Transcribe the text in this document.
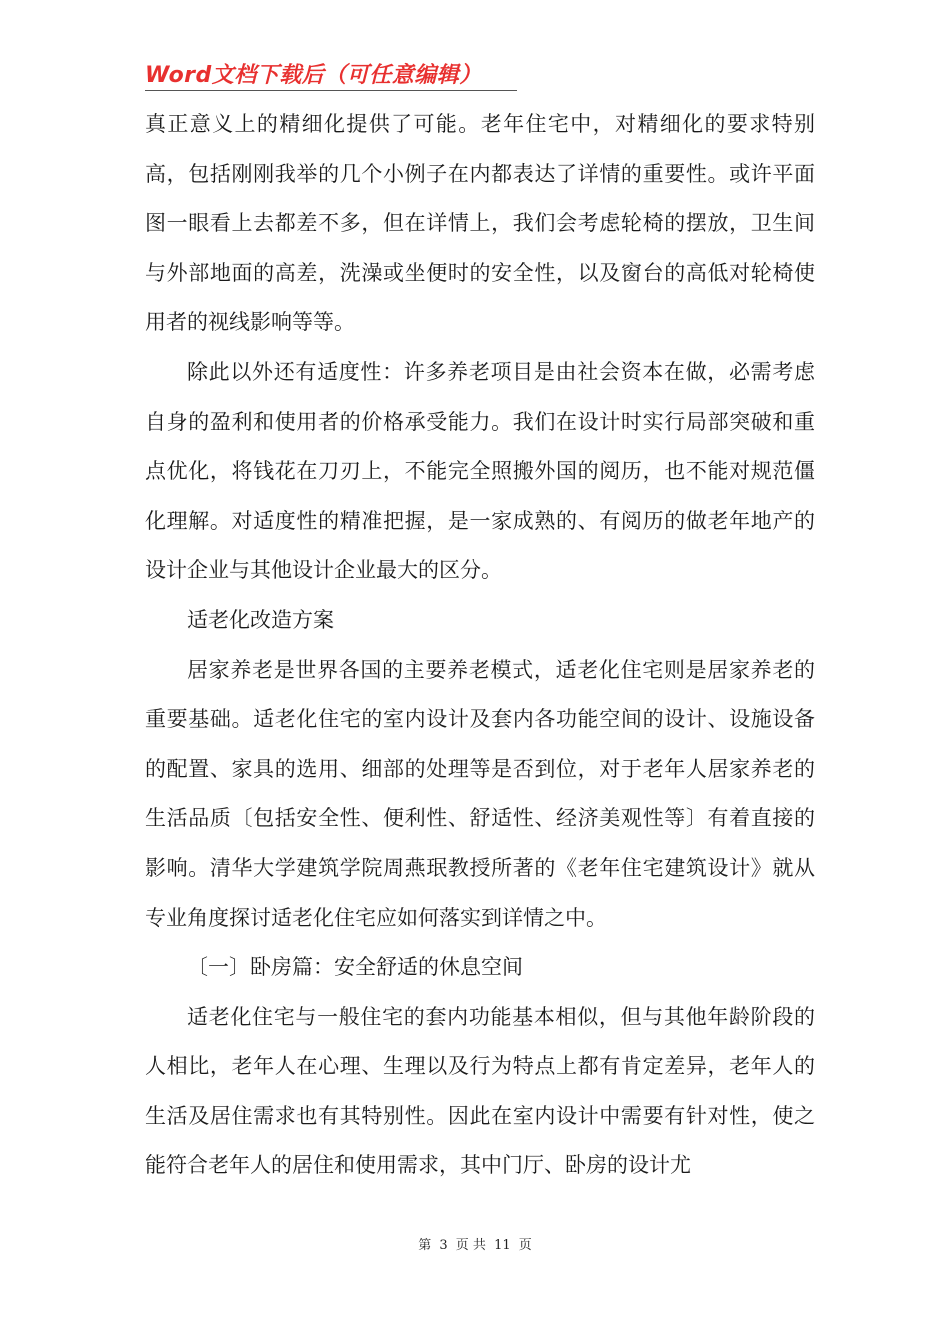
Word文档下载后（可任意编辑）

真正意义上的精细化提供了可能。老年住宅中，对精细化的要求特别高，包括刚刚我举的几个小例子在内都表达了详情的重要性。或许平面图一眼看上去都差不多，但在详情上，我们会考虑轮椅的摆放，卫生间与外部地面的高差，洗澡或坐便时的安全性，以及窗台的高低对轮椅使用者的视线影响等等。

除此以外还有适度性：许多养老项目是由社会资本在做，必需考虑自身的盈利和使用者的价格承受能力。我们在设计时实行局部突破和重点优化，将钱花在刀刃上，不能完全照搬外国的阅历，也不能对规范僵化理解。对适度性的精准把握，是一家成熟的、有阅历的做老年地产的设计企业与其他设计企业最大的区分。

适老化改造方案

居家养老是世界各国的主要养老模式，适老化住宅则是居家养老的重要基础。适老化住宅的室内设计及套内各功能空间的设计、设施设备的配置、家具的选用、细部的处理等是否到位，对于老年人居家养老的生活品质〔包括安全性、便利性、舒适性、经济美观性等〕有着直接的影响。清华大学建筑学院周燕珉教授所著的《老年住宅建筑设计》就从专业角度探讨适老化住宅应如何落实到详情之中。

〔一〕卧房篇：安全舒适的休息空间

适老化住宅与一般住宅的套内功能基本相似，但与其他年龄阶段的人相比，老年人在心理、生理以及行为特点上都有肯定差异，老年人的生活及居住需求也有其特别性。因此在室内设计中需要有针对性，使之能符合老年人的居住和使用需求，其中门厅、卧房的设计尤

第 3 页 共 11 页
